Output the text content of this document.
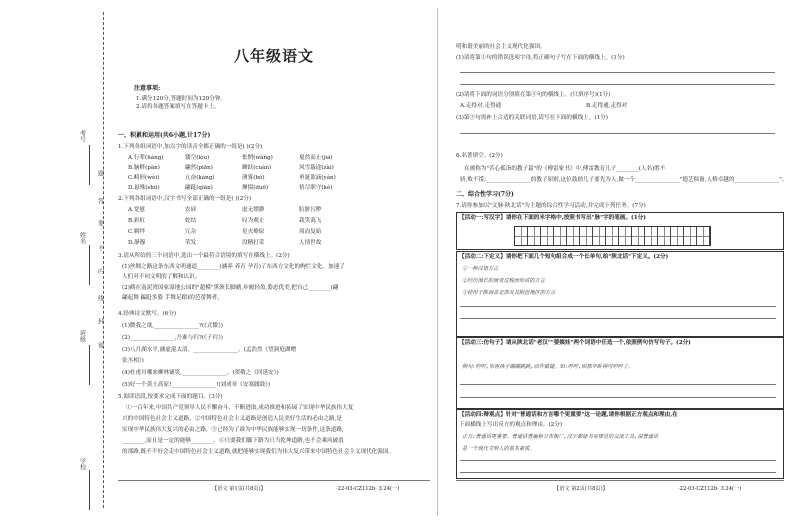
考号
姓名
班级
学校
题
答
要
不
内
线
封
密
八年级语文
注意事项:
1.满分120分,答题时间为120分钟。
2.请将各题答案填写在答题卡上。
一、积累和运用(共6小题,计17分)
1.下列各组词语中,加点字的读音全都正确的一组是( )(2分)
A.行辈(háng)	镂空(lòu)	怅惘(wǎng)	戛然而止(jiá)
B.脑畔(pàn)	翩然(piān)	蹿跃(cuàn)	风雪载途(zài)
C.畸形(wèi)	亢奋(kàng)	薄雾(bó)	垂涎欲滴(yán)
D.悬殊(shū)	翩跹(qiān)	撺掇(duō)	恪尽职守(kè)
2.下列各组词语中,汉字书写全部正确的一组是( )(2分)
A.宽慰	农谚	虚无缥渺	肮脏污秽
B.彩虹	蛇结	叹为观止	栽笑蔼飞
C.羁绊	冗杂	星火燎原	周而复始
D.静穆	荣发	没精打采	人情世故
3.请从所给的三个词语中,选出一个最符合语境的填写在横线上。(2分)
(1)丝绸之路这条东西文明通道________(涵养 养育 孕育)了东西方文化的绚烂文化。加速了
人们对不同文明的了解和认识。
(2)鹤在南泥湾国家湿地公园的"超模"黑颈长脚鹬,步履轻盈,姿态优美,把自己________(翩
翩起舞 蹁跹多姿 手舞足蹈)的芭蕾舞者。
4.经典诗文默写。(6分)
(1)微我之欲,________________?(《式微》)
(2)________________,吾谁与归?(《子衿》)
(3)八月湖水平,涵虚混太清。________________。(孟浩然《望洞庭湖赠
张丞相》)
(4)杜甫川哪来柳林铺笑,________________。(贺敬之《回延安》)
(5)好一个黄土高原!________________!(刘成章《安塞腰鼓》)
5.阅读语段,按要求完成下面的题目。(3分)
①一百年来,中国共产党领导人民不懈奋斗、不断进取,成功推进和拓展了实现中华民族伟大复
兴的中国特色社会主义道路。②中国特色社会主义道路是创造人民美好生活的必由之路,是
实现中华民族伟大复兴的必由之路。③已经为了谁为中华民族能够实现一切条件,这条道路,
________,而且是一定的能够________。④只要我们脚下路为只当乾坤道路,也不会乘风破浪
的那路,既不不好会走中国特色社会主义道路,就把能够实现我们为伟大复兴带来中国特色社会主义现代化强国。
【语文 第1页(共8页)】	·22-03-CZ112b· 3.24(一)
明和谐美丽的社会主义现代化强国。
(1)请将第①句的错误选项字母,将正确句子写在下面的横线上。(1分)
(2)请将下面的词语分别填在第③句的横线上。(只填序号)(1分)
A.走得对,走得通	B.走得通,走得对
(3)第③句需补上合适的关联词语,请写在下面的横线上。(1分)
6.名著填空。(2分)
在被称为"苦心孤诣的教子篇"的《傅雷家书》中,傅雷教育儿子________(人名)胜不
骄,败不馁;________________的教子原则,这位鼓励儿子要先为人,做一个________________"德艺俱备,人格卓越的________________"。
二、综合性学习(7分)
7.请你参加以"文脉·陕北话"为主题的综合性学习活动,并完成下列任务。(7分)
【活动一:写汉字】请你在下面的米字格中,按照书写出"脉"字的笔画。(1分)
【活动二:下定义】请你把下面几个短句组合成一个长单句,给"陕北话"下定义。(2分)
①一种汉语方言
②经历漫长的演变过程而形成的方言
③使用于陕西省北部及其附近地区的方言
【活动三:仿句子】请从陕北话"老汉""婆姨娃"两个词语中任选一个,依照例句仿写句子。(2分)
例句:哼哼,形容孩子蹦蹦跳跳,动作敏捷。如:哼哼,咱那年卧得可哼哼了。
【活动四:辩观点】针对"普通话和方言哪个更重要"这一论题,请你根据正方观点和理由,在
下面横线上写出反方的观点和理由。(2分)
正方:普通话更重要。普通话普遍和分布极广,汉字都能书写规范的交流工具,说普通话
是一个现代文明人的基本素质。
【语文 第2页(共8页)】	·22-03-CZ112b· 3.24(一)
